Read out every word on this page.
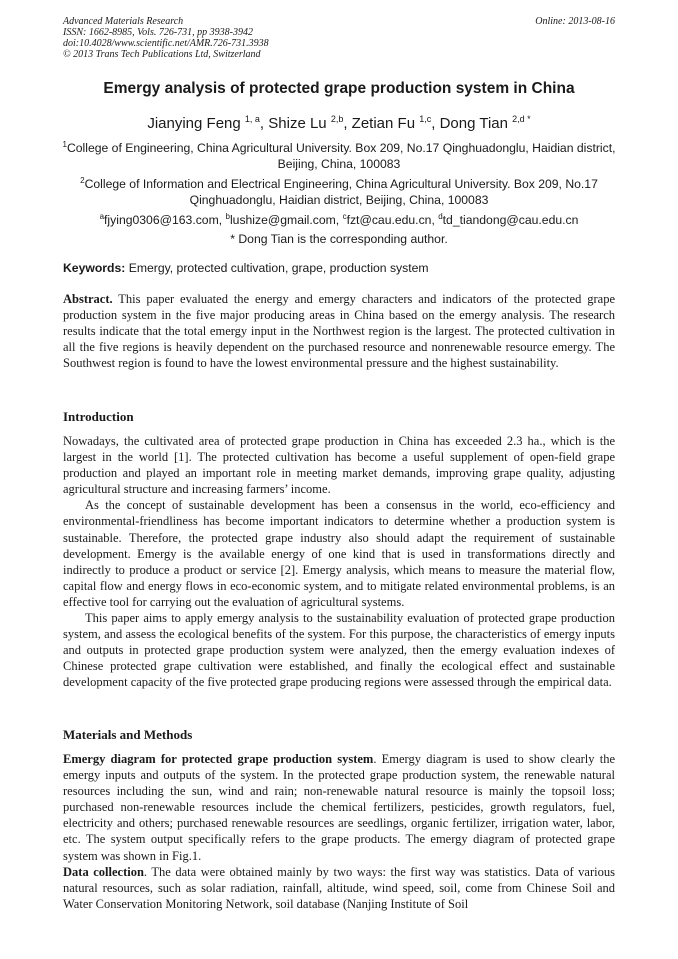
Advanced Materials Research
ISSN: 1662-8985, Vols. 726-731, pp 3938-3942
doi:10.4028/www.scientific.net/AMR.726-731.3938
© 2013 Trans Tech Publications Ltd, Switzerland
Online: 2013-08-16
Emergy analysis of protected grape production system in China
Jianying Feng $^{1, a}$, Shize Lu $^{2,b}$, Zetian Fu $^{1,c}$, Dong Tian $^{2,d *}$
$^1$College of Engineering, China Agricultural University. Box 209, No.17 Qinghuadonglu, Haidian district, Beijing, China, 100083
$^2$College of Information and Electrical Engineering, China Agricultural University. Box 209, No.17 Qinghuadonglu, Haidian district, Beijing, China, 100083
$^a$fjying0306@163.com, $^b$lushize@gmail.com, $^c$fzt@cau.edu.cn, $^d$td_tiandong@cau.edu.cn
* Dong Tian is the corresponding author.
Keywords: Emergy, protected cultivation, grape, production system

Abstract. This paper evaluated the energy and emergy characters and indicators of the protected grape production system in the five major producing areas in China based on the emergy analysis. The research results indicate that the total emergy input in the Northwest region is the largest. The protected cultivation in all the five regions is heavily dependent on the purchased resource and nonrenewable resource emergy. The Southwest region is found to have the lowest environmental pressure and the highest sustainability.

Introduction

Nowadays, the cultivated area of protected grape production in China has exceeded 2.3 ha., which is the largest in the world [1]. The protected cultivation has become a useful supplement of open-field grape production and played an important role in meeting market demands, improving grape quality, adjusting agricultural structure and increasing farmers’ income.

As the concept of sustainable development has been a consensus in the world, eco-efficiency and environmental-friendliness has become important indicators to determine whether a production system is sustainable. Therefore, the protected grape industry also should adapt the requirement of sustainable development. Emergy is the available energy of one kind that is used in transformations directly and indirectly to produce a product or service [2]. Emergy analysis, which means to measure the material flow, capital flow and energy flows in eco-economic system, and to mitigate related environmental problems, is an effective tool for carrying out the evaluation of agricultural systems.

This paper aims to apply emergy analysis to the sustainability evaluation of protected grape production system, and assess the ecological benefits of the system. For this purpose, the characteristics of emergy inputs and outputs in protected grape production system were analyzed, then the emergy evaluation indexes of Chinese protected grape cultivation were established, and finally the ecological effect and sustainable development capacity of the five protected grape producing regions were assessed through the empirical data.

Materials and Methods

Emergy diagram for protected grape production system. Emergy diagram is used to show clearly the emergy inputs and outputs of the system. In the protected grape production system, the renewable natural resources including the sun, wind and rain; non-renewable natural resource is mainly the topsoil loss; purchased non-renewable resources include the chemical fertilizers, pesticides, growth regulators, fuel, electricity and others; purchased renewable resources are seedlings, organic fertilizer, irrigation water, labor, etc. The system output specifically refers to the grape products. The emergy diagram of protected grape system was shown in Fig.1.

Data collection. The data were obtained mainly by two ways: the first way was statistics. Data of various natural resources, such as solar radiation, rainfall, altitude, wind speed, soil, come from Chinese Soil and Water Conservation Monitoring Network, soil database (Nanjing Institute of Soil
